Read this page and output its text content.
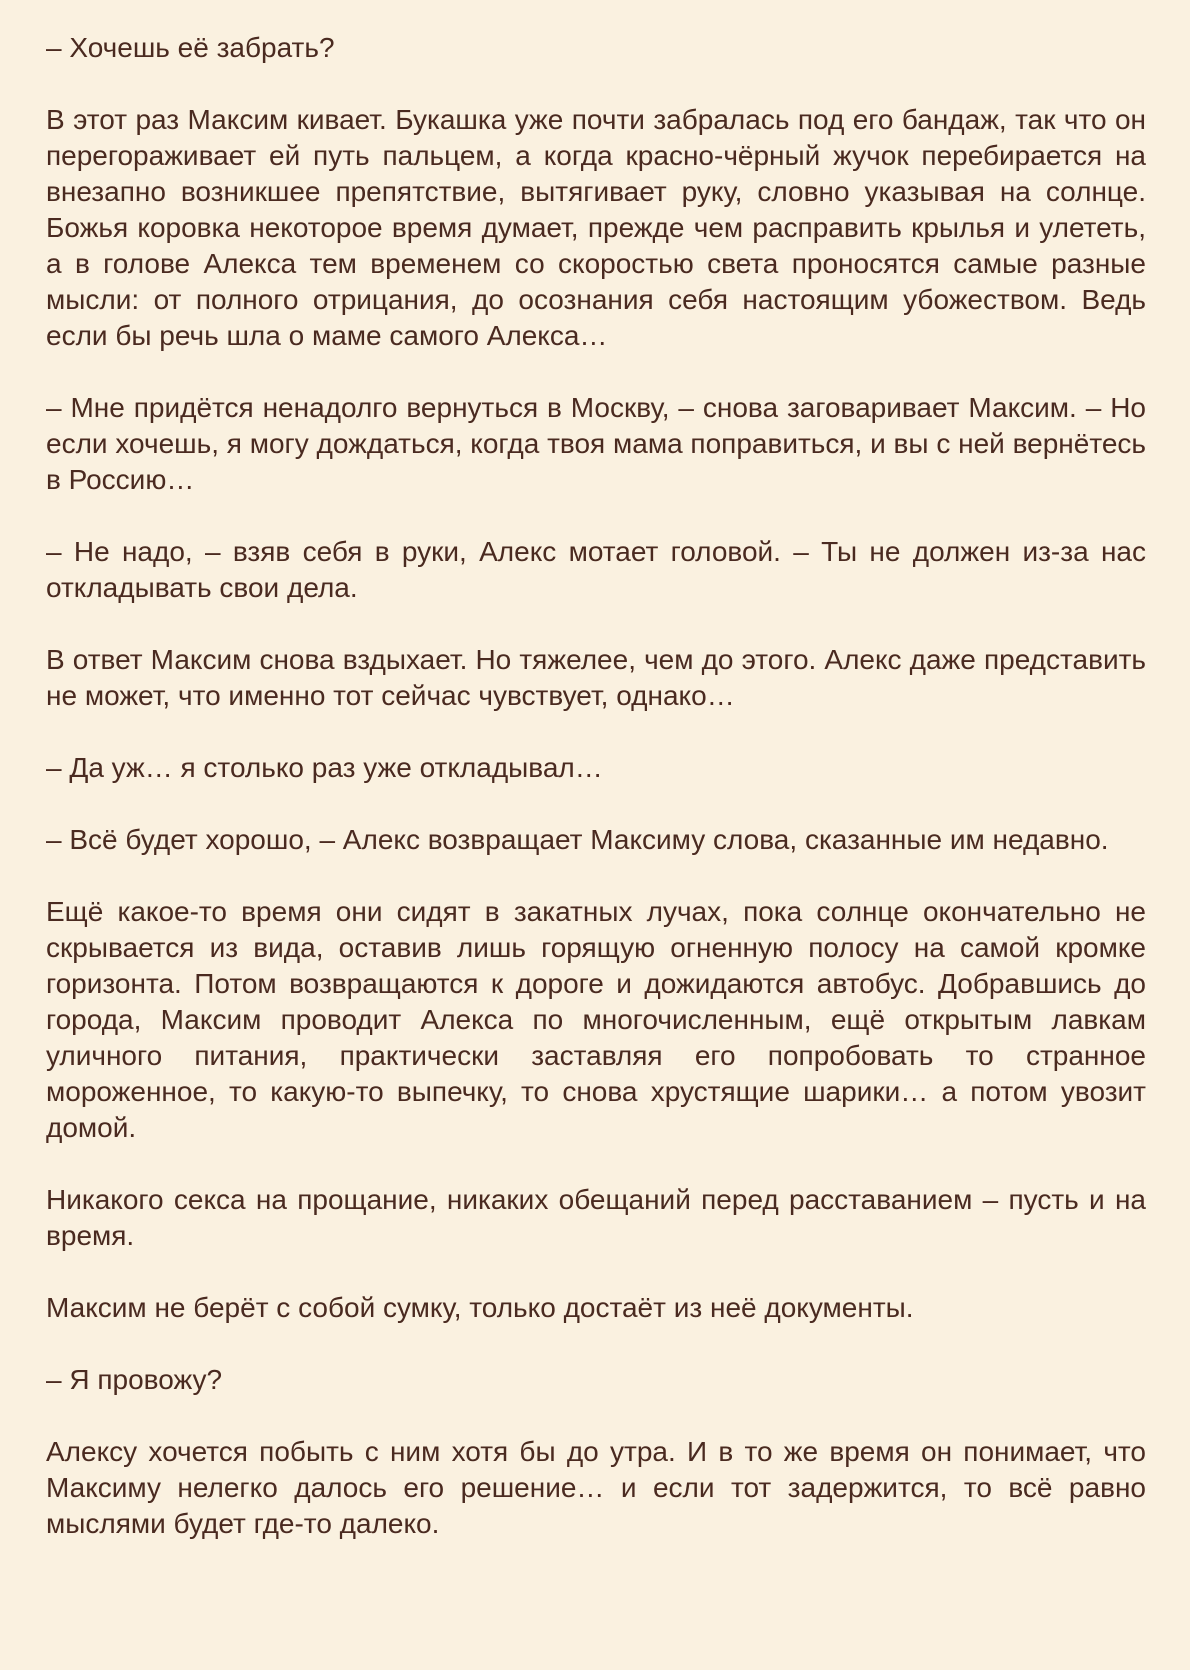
– Хочешь её забрать?

В этот раз Максим кивает. Букашка уже почти забралась под его бандаж, так что он перегораживает ей путь пальцем, а когда красно-чёрный жучок перебирается на внезапно возникшее препятствие, вытягивает руку, словно указывая на солнце. Божья коровка некоторое время думает, прежде чем расправить крылья и улететь, а в голове Алекса тем временем со скоростью света проносятся самые разные мысли: от полного отрицания, до осознания себя настоящим убожеством. Ведь если бы речь шла о маме самого Алекса…

– Мне придётся ненадолго вернуться в Москву, – снова заговаривает Максим. – Но если хочешь, я могу дождаться, когда твоя мама поправиться, и вы с ней вернётесь в Россию…

– Не надо, – взяв себя в руки, Алекс мотает головой. – Ты не должен из-за нас откладывать свои дела.

В ответ Максим снова вздыхает. Но тяжелее, чем до этого. Алекс даже представить не может, что именно тот сейчас чувствует, однако…

– Да уж… я столько раз уже откладывал…

– Всё будет хорошо, – Алекс возвращает Максиму слова, сказанные им недавно.

Ещё какое-то время они сидят в закатных лучах, пока солнце окончательно не скрывается из вида, оставив лишь горящую огненную полосу на самой кромке горизонта. Потом возвращаются к дороге и дожидаются автобус. Добравшись до города, Максим проводит Алекса по многочисленным, ещё открытым лавкам уличного питания, практически заставляя его попробовать то странное мороженное, то какую-то выпечку, то снова хрустящие шарики… а потом увозит домой.

Никакого секса на прощание, никаких обещаний перед расставанием – пусть и на время.

Максим не берёт с собой сумку, только достаёт из неё документы.

– Я провожу?

Алексу хочется побыть с ним хотя бы до утра. И в то же время он понимает, что Максиму нелегко далось его решение… и если тот задержится, то всё равно мыслями будет где-то далеко.
